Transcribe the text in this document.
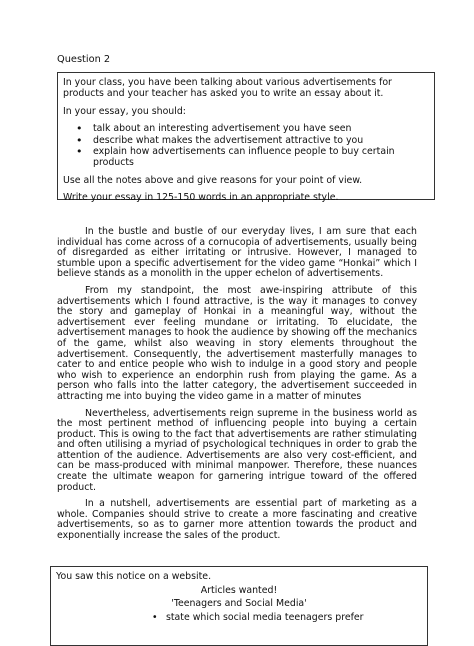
Question 2

In your class, you have been talking about various advertisements for products and your teacher has asked you to write an essay about it.

In your essay, you should:

• talk about an interesting advertisement you have seen
• describe what makes the advertisement attractive to you
• explain how advertisements can influence people to buy certain products

Use all the notes above and give reasons for your point of view.

Write your essay in 125-150 words in an appropriate style.

In the bustle and bustle of our everyday lives, I am sure that each individual has come across of a cornucopia of advertisements, usually being of disregarded as either irritating or intrusive. However, I managed to stumble upon a specific advertisement for the video game “Honkai” which I believe stands as a monolith in the upper echelon of advertisements.

From my standpoint, the most awe-inspiring attribute of this advertisements which I found attractive, is the way it manages to convey the story and gameplay of Honkai in a meaningful way, without the advertisement ever feeling mundane or irritating. To elucidate, the advertisement manages to hook the audience by showing off the mechanics of the game, whilst also weaving in story elements throughout the advertisement. Consequently, the advertisement masterfully manages to cater to and entice people who wish to indulge in a good story and people who wish to experience an endorphin rush from playing the game. As a person who falls into the latter category, the advertisement succeeded in attracting me into buying the video game in a matter of minutes

Nevertheless, advertisements reign supreme in the business world as the most pertinent method of influencing people into buying a certain product. This is owing to the fact that advertisements are rather stimulating and often utilising a myriad of psychological techniques in order to grab the attention of the audience. Advertisements are also very cost-efficient, and can be mass-produced with minimal manpower. Therefore, these nuances create the ultimate weapon for garnering intrigue toward of the offered product.

In a nutshell, advertisements are essential part of marketing as a whole. Companies should strive to create a more fascinating and creative advertisements, so as to garner more attention towards the product and exponentially increase the sales of the product.

You saw this notice on a website.
Articles wanted!
'Teenagers and Social Media'
• state which social media teenagers prefer
